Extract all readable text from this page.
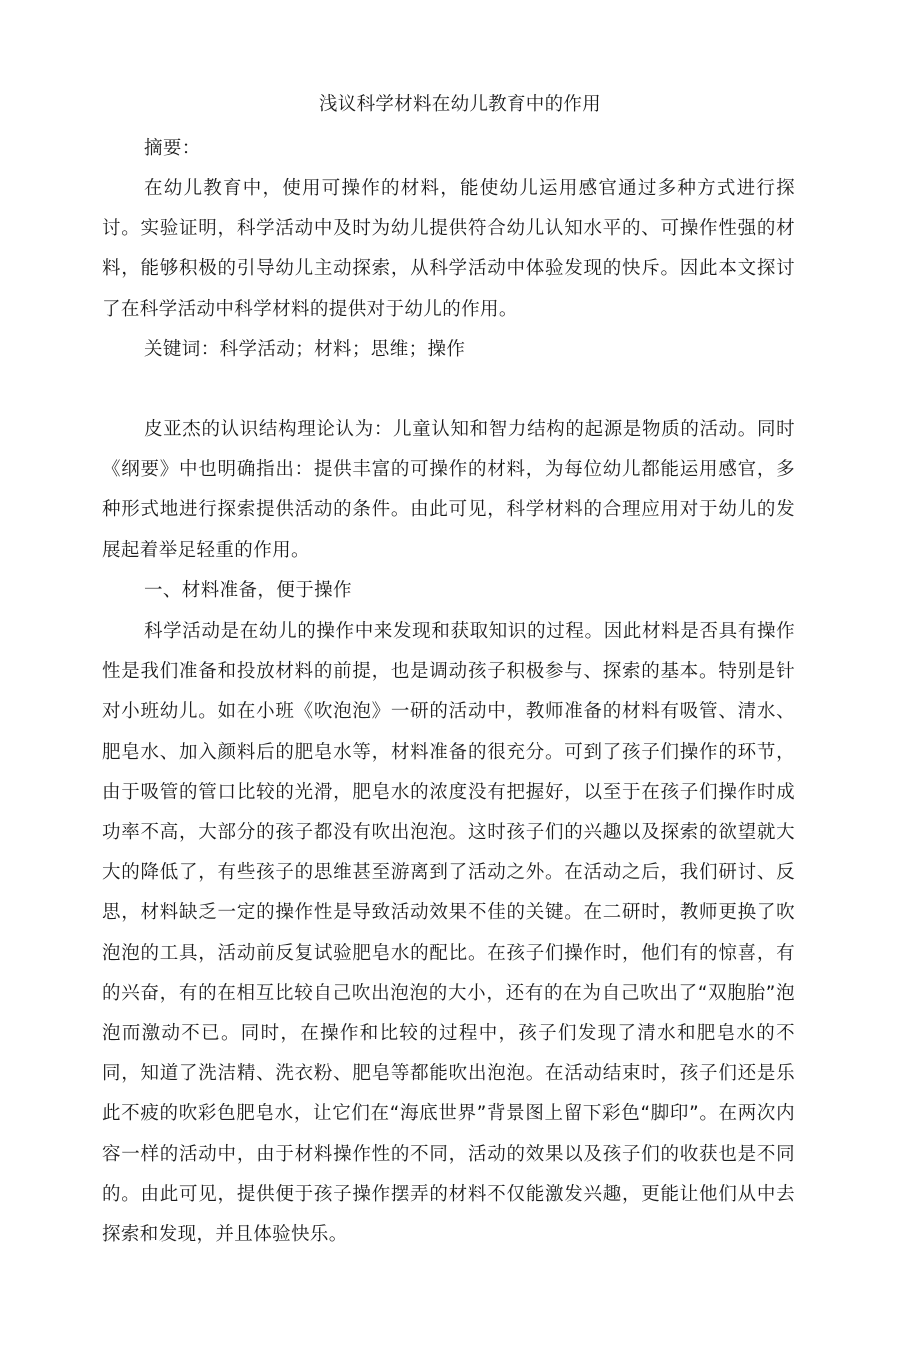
浅议科学材料在幼儿教育中的作用

摘要：

在幼儿教育中，使用可操作的材料，能使幼儿运用感官通过多种方式进行探讨。实验证明，科学活动中及时为幼儿提供符合幼儿认知水平的、可操作性强的材料，能够积极的引导幼儿主动探索，从科学活动中体验发现的快斥。因此本文探讨了在科学活动中科学材料的提供对于幼儿的作用。

关键词：科学活动；材料；思维；操作

皮亚杰的认识结构理论认为：儿童认知和智力结构的起源是物质的活动。同时《纲要》中也明确指出：提供丰富的可操作的材料，为每位幼儿都能运用感官，多种形式地进行探索提供活动的条件。由此可见，科学材料的合理应用对于幼儿的发展起着举足轻重的作用。

一、材料准备，便于操作

科学活动是在幼儿的操作中来发现和获取知识的过程。因此材料是否具有操作性是我们准备和投放材料的前提，也是调动孩子积极参与、探索的基本。特别是针对小班幼儿。如在小班《吹泡泡》一研的活动中，教师准备的材料有吸管、清水、肥皂水、加入颜料后的肥皂水等，材料准备的很充分。可到了孩子们操作的环节，由于吸管的管口比较的光滑，肥皂水的浓度没有把握好，以至于在孩子们操作时成功率不高，大部分的孩子都没有吹出泡泡。这时孩子们的兴趣以及探索的欲望就大大的降低了，有些孩子的思维甚至游离到了活动之外。在活动之后，我们研讨、反思，材料缺乏一定的操作性是导致活动效果不佳的关键。在二研时，教师更换了吹泡泡的工具，活动前反复试验肥皂水的配比。在孩子们操作时，他们有的惊喜，有的兴奋，有的在相互比较自己吹出泡泡的大小，还有的在为自己吹出了“双胞胎”泡泡而激动不已。同时，在操作和比较的过程中，孩子们发现了清水和肥皂水的不同，知道了洗洁精、洗衣粉、肥皂等都能吹出泡泡。在活动结束时，孩子们还是乐此不疲的吹彩色肥皂水，让它们在“海底世界”背景图上留下彩色“脚印”。在两次内容一样的活动中，由于材料操作性的不同，活动的效果以及孩子们的收获也是不同的。由此可见，提供便于孩子操作摆弄的材料不仅能激发兴趣，更能让他们从中去探索和发现，并且体验快乐。
